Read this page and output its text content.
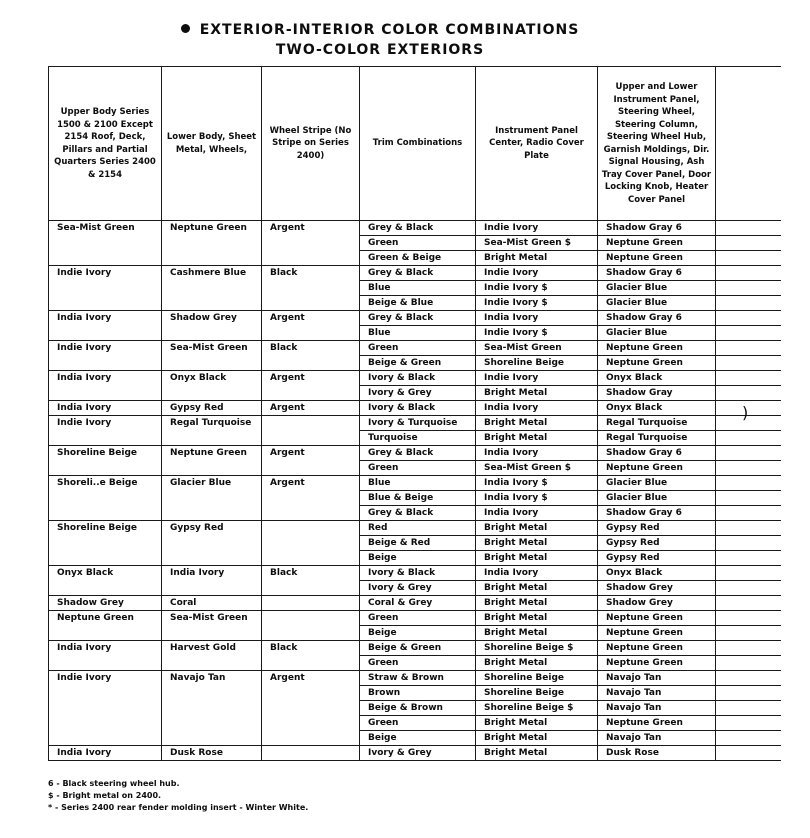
EXTERIOR-INTERIOR COLOR COMBINATIONS
TWO-COLOR EXTERIORS
Upper Body Series 1500 & 2100 Except 2154 Roof, Deck, Pillars and Partial Quarters Series 2400 & 2154	Lower Body, Sheet Metal, Wheels,	Wheel Stripe (No Stripe on Series 2400)	Trim Combinations	Instrument Panel Center, Radio Cover Plate	Upper and Lower Instrument Panel, Steering Wheel, Steering Column, Steering Wheel Hub, Garnish Moldings, Dir. Signal Housing, Ash Tray Cover Panel, Door Locking Knob, Heater Cover Panel	
Sea-Mist Green	Neptune Green	Argent	Grey & Black	Indie Ivory	Shadow Gray 6	
			Green	Sea-Mist Green $	Neptune Green	
			Green & Beige	Bright Metal	Neptune Green	
Indie Ivory	Cashmere Blue	Black	Grey & Black	Indie Ivory	Shadow Gray 6	
			Blue	Indie Ivory $	Glacier Blue	
			Beige & Blue	Indie Ivory $	Glacier Blue	
India Ivory	Shadow Grey	Argent	Grey & Black	India Ivory	Shadow Gray 6	
			Blue	Indie Ivory $	Glacier Blue	
Indie Ivory	Sea-Mist Green	Black	Green	Sea-Mist Green	Neptune Green	
			Beige & Green	Shoreline Beige	Neptune Green	
India Ivory	Onyx Black	Argent	Ivory & Black	Indie Ivory	Onyx Black	
			Ivory & Grey	Bright Metal	Shadow Gray	
India Ivory	Gypsy Red	Argent	Ivory & Black	India Ivory	Onyx Black	
Indie Ivory	Regal Turquoise		Ivory & Turquoise	Bright Metal	Regal Turquoise	
			Turquoise	Bright Metal	Regal Turquoise	
Shoreline Beige	Neptune Green	Argent	Grey & Black	India Ivory	Shadow Gray 6	
			Green	Sea-Mist Green $	Neptune Green	
Shoreli..e Beige	Glacier Blue	Argent	Blue	India Ivory $	Glacier Blue	
			Blue & Beige	India Ivory $	Glacier Blue	
			Grey & Black	India Ivory	Shadow Gray 6	
Shoreline Beige	Gypsy Red		Red	Bright Metal	Gypsy Red	
			Beige & Red	Bright Metal	Gypsy Red	
			Beige	Bright Metal	Gypsy Red	
Onyx Black	India Ivory	Black	Ivory & Black	India Ivory	Onyx Black	
			Ivory & Grey	Bright Metal	Shadow Grey	
Shadow Grey	Coral		Coral & Grey	Bright Metal	Shadow Grey	
Neptune Green	Sea-Mist Green		Green	Bright Metal	Neptune Green	
			Beige	Bright Metal	Neptune Green	
India Ivory	Harvest Gold	Black	Beige & Green	Shoreline Beige $	Neptune Green	
			Green	Bright Metal	Neptune Green	
Indie Ivory	Navajo Tan	Argent	Straw & Brown	Shoreline Beige	Navajo Tan	
			Brown	Shoreline Beige	Navajo Tan	
			Beige & Brown	Shoreline Beige $	Navajo Tan	
			Green	Bright Metal	Neptune Green	
			Beige	Bright Metal	Navajo Tan	
India Ivory	Dusk Rose		Ivory & Grey	Bright Metal	Dusk Rose	
)
6 - Black steering wheel hub.
$ - Bright metal on 2400.
* - Series 2400 rear fender molding insert - Winter White.
